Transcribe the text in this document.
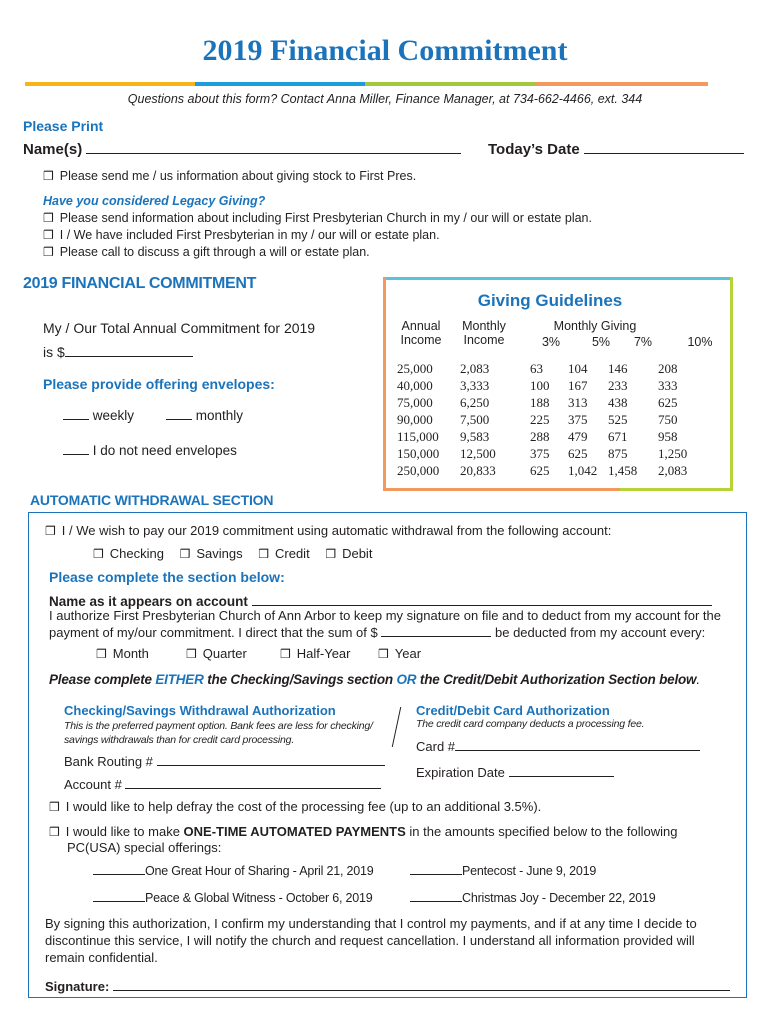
2019 Financial Commitment
Questions about this form? Contact Anna Miller, Finance Manager, at 734-662-4466, ext. 344
Please Print
Name(s)	Today’s Date
❒ Please send me / us information about giving stock to First Pres.
Have you considered Legacy Giving?
❒ Please send information about including First Presbyterian Church in my / our will or estate plan.
❒ I / We have included First Presbyterian in my / our will or estate plan.
❒ Please call to discuss a gift through a will or estate plan.
2019 FINANCIAL COMMITMENT
My / Our Total Annual Commitment for 2019
is $
Please provide offering envelopes:
weekly	monthly
I do not need envelopes
Giving Guidelines
Annual
Income
Monthly
Income
Monthly Giving
3%	5%	7%	10%
25,000	2,083	63	104	146	208
40,000	3,333	100	167	233	333
75,000	6,250	188	313	438	625
90,000	7,500	225	375	525	750
115,000	9,583	288	479	671	958
150,000	12,500	375	625	875	1,250
250,000	20,833	625	1,042	1,458	2,083
AUTOMATIC WITHDRAWAL SECTION
❒ I / We wish to pay our 2019 commitment using automatic withdrawal from the following account:
❒ Checking ❒ Savings ❒ Credit ❒ Debit
Please complete the section below:
Name as it appears on account
I authorize First Presbyterian Church of Ann Arbor to keep my signature on file and to deduct from my account for the
payment of my/our commitment. I direct that the sum of $	be deducted from my account every:
❒ Month	❒ Quarter	❒ Half-Year ❒ Year
Please complete EITHER the Checking/Savings section OR the Credit/Debit Authorization Section below.
Checking/Savings Withdrawal Authorization
This is the preferred payment option. Bank fees are less for checking/
savings withdrawals than for credit card processing.
Bank Routing #
Account #
Credit/Debit Card Authorization
The credit card company deducts a processing fee.
Card #
Expiration Date
❒ I would like to help defray the cost of the processing fee (up to an additional 3.5%).
❒ I would like to make ONE-TIME AUTOMATED PAYMENTS in the amounts specified below to the following
PC(USA) special offerings:
One Great Hour of Sharing - April 21, 2019	Pentecost - June 9, 2019
Peace & Global Witness - October 6, 2019	Christmas Joy - December 22, 2019
By signing this authorization, I confirm my understanding that I control my payments, and if at any time I decide to
discontinue this service, I will notify the church and request cancellation. I understand all information provided will
remain confidential.
Signature:
